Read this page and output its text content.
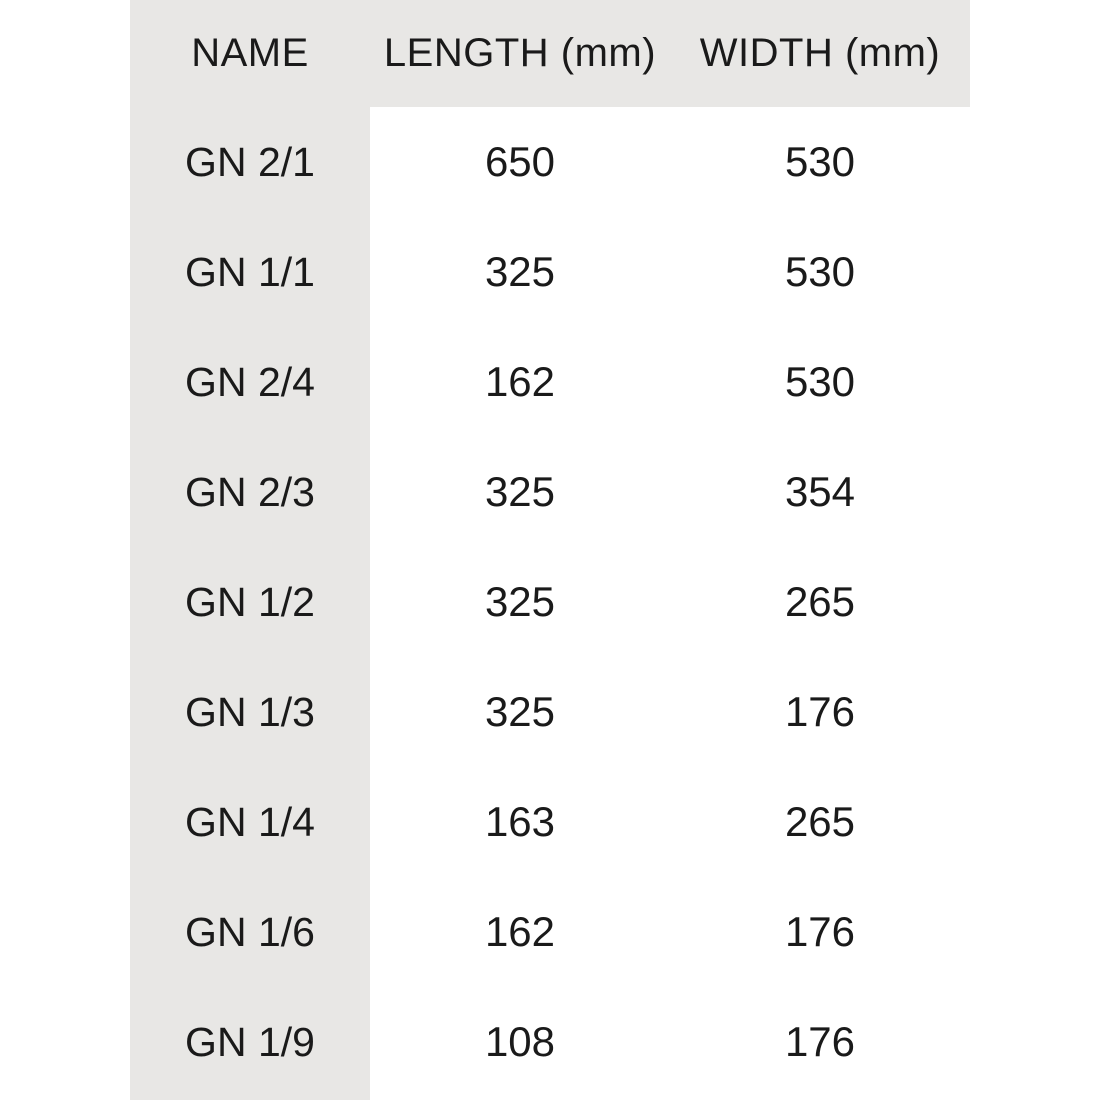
NAME	LENGTH (mm)	WIDTH (mm)
GN 2/1	650	530
GN 1/1	325	530
GN 2/4	162	530
GN 2/3	325	354
GN 1/2	325	265
GN 1/3	325	176
GN 1/4	163	265
GN 1/6	162	176
GN 1/9	108	176
